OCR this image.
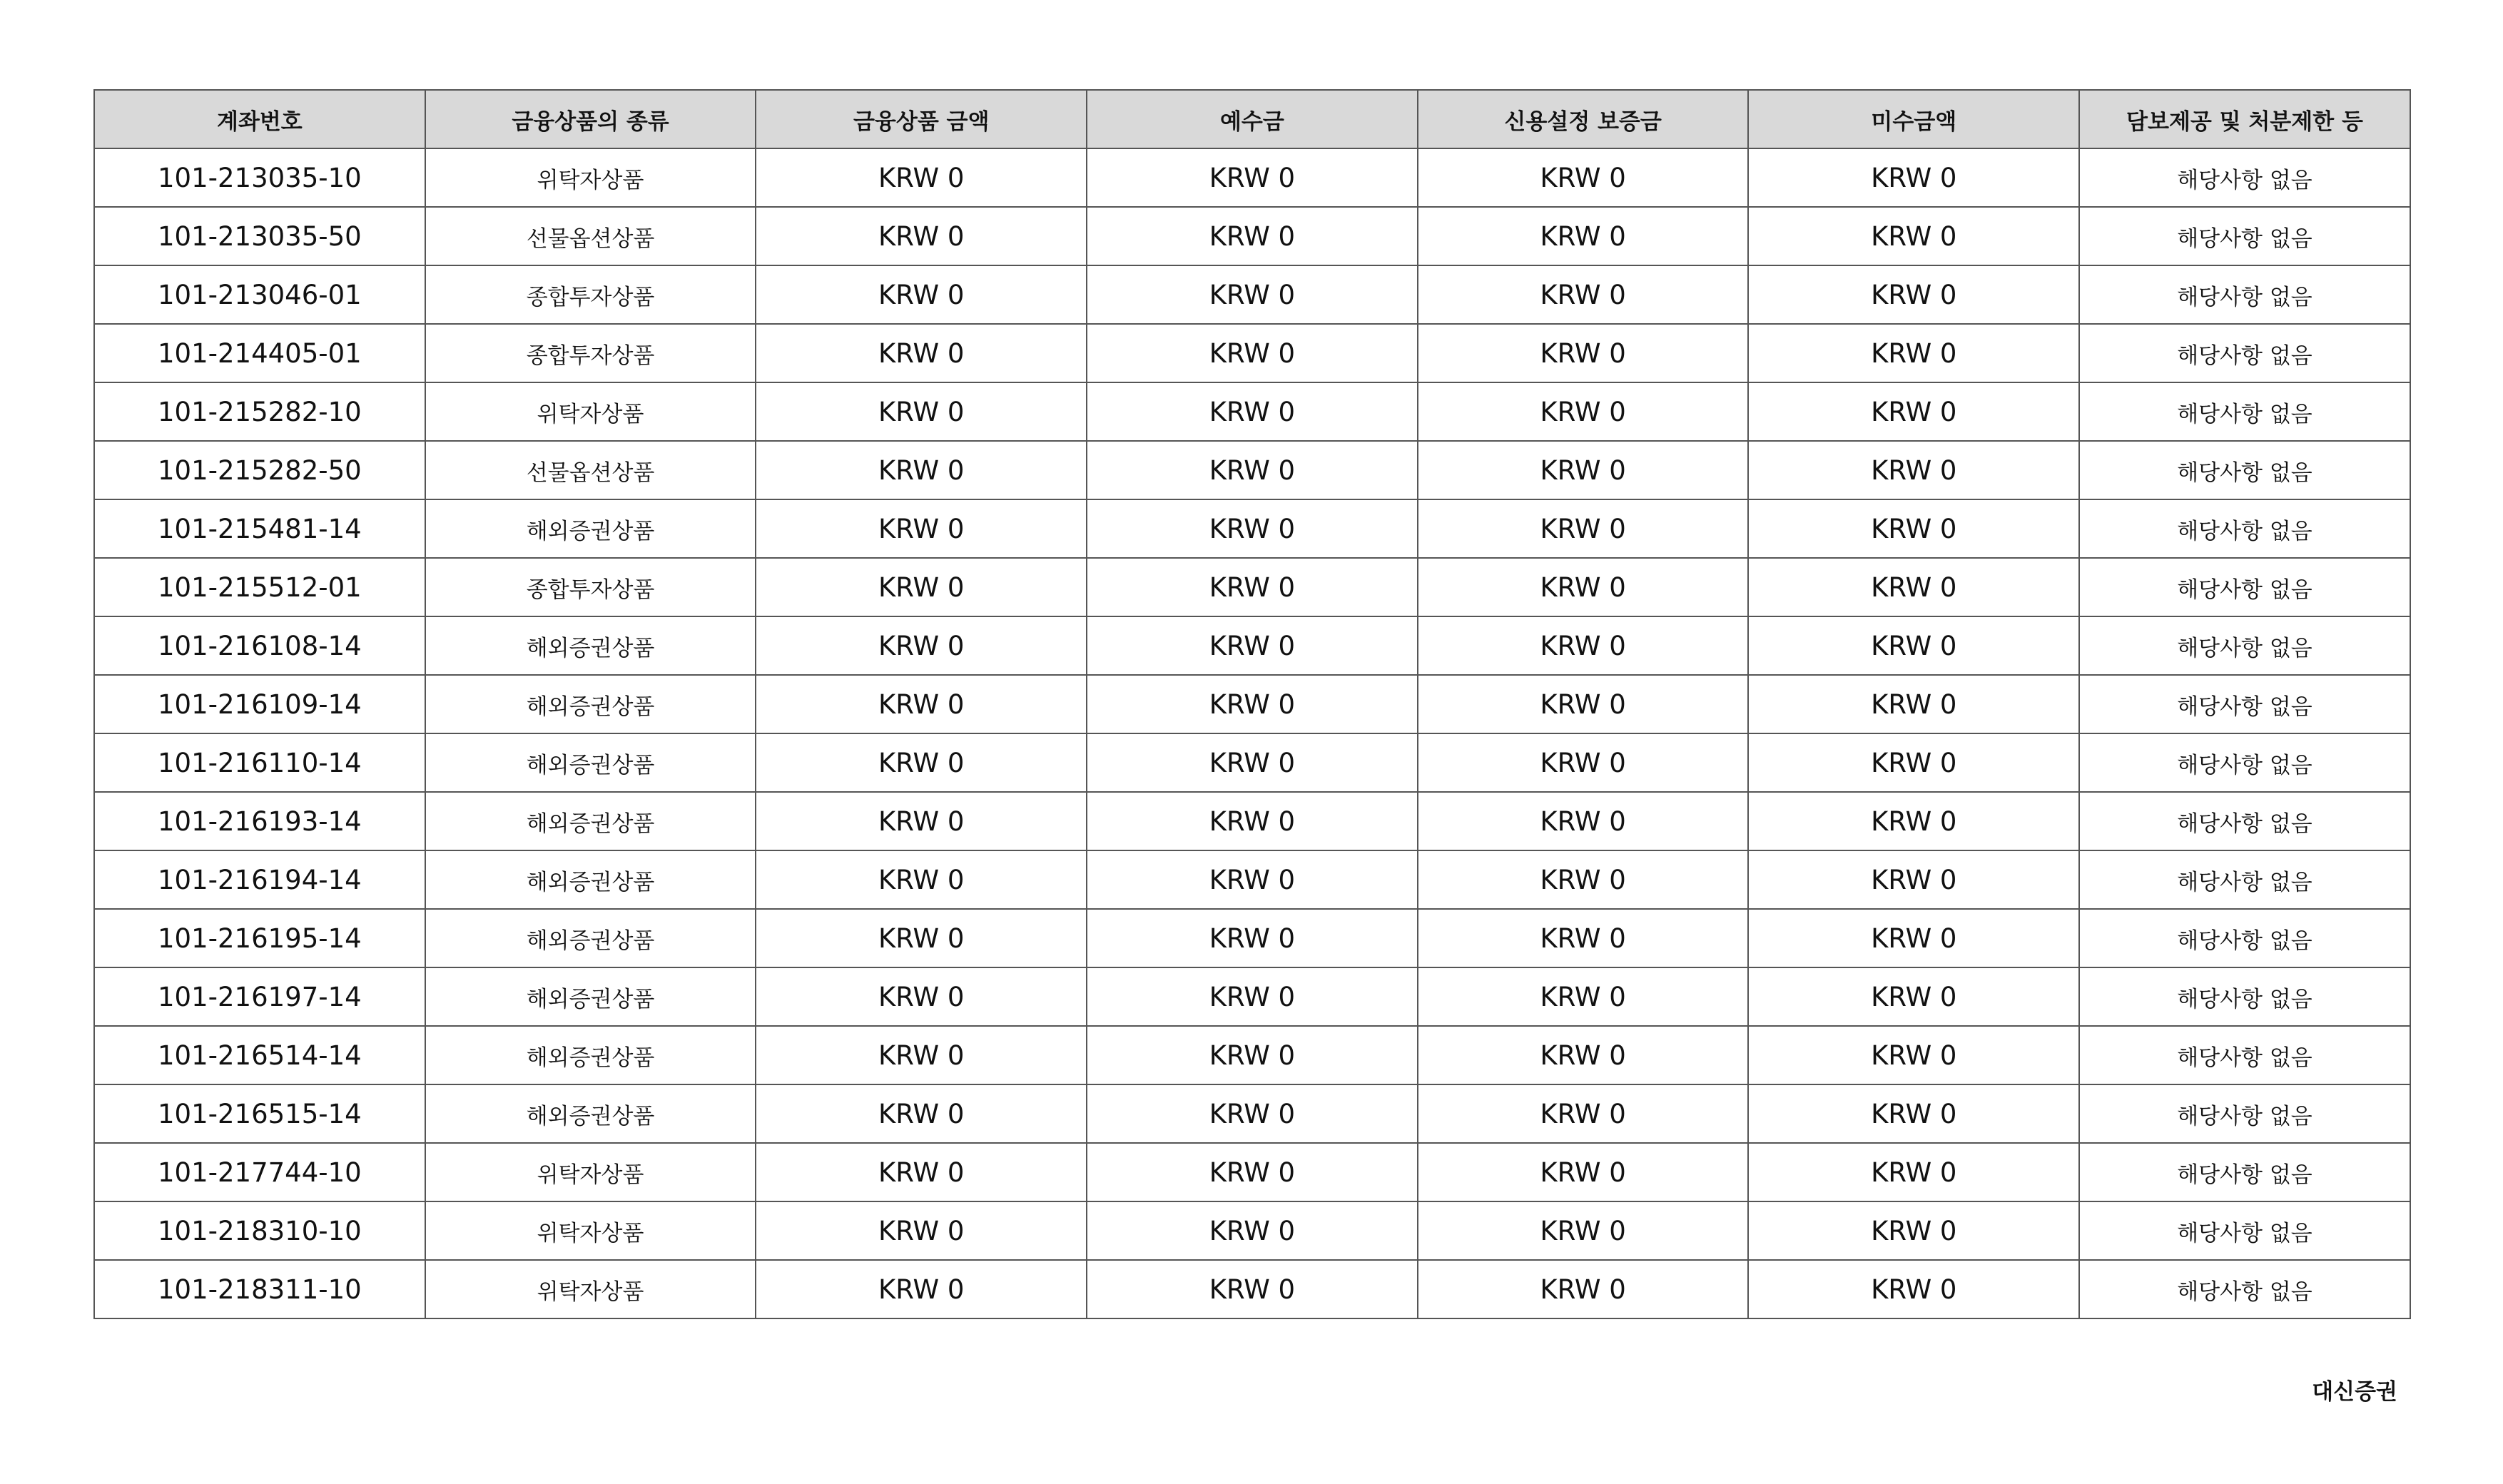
계좌번호	금융상품의 종류	금융상품 금액	예수금	신용설정 보증금	미수금액	담보제공 및 처분제한 등
101-213035-10	위탁자상품	KRW 0	KRW 0	KRW 0	KRW 0	해당사항 없음
101-213035-50	선물옵션상품	KRW 0	KRW 0	KRW 0	KRW 0	해당사항 없음
101-213046-01	종합투자상품	KRW 0	KRW 0	KRW 0	KRW 0	해당사항 없음
101-214405-01	종합투자상품	KRW 0	KRW 0	KRW 0	KRW 0	해당사항 없음
101-215282-10	위탁자상품	KRW 0	KRW 0	KRW 0	KRW 0	해당사항 없음
101-215282-50	선물옵션상품	KRW 0	KRW 0	KRW 0	KRW 0	해당사항 없음
101-215481-14	해외증권상품	KRW 0	KRW 0	KRW 0	KRW 0	해당사항 없음
101-215512-01	종합투자상품	KRW 0	KRW 0	KRW 0	KRW 0	해당사항 없음
101-216108-14	해외증권상품	KRW 0	KRW 0	KRW 0	KRW 0	해당사항 없음
101-216109-14	해외증권상품	KRW 0	KRW 0	KRW 0	KRW 0	해당사항 없음
101-216110-14	해외증권상품	KRW 0	KRW 0	KRW 0	KRW 0	해당사항 없음
101-216193-14	해외증권상품	KRW 0	KRW 0	KRW 0	KRW 0	해당사항 없음
101-216194-14	해외증권상품	KRW 0	KRW 0	KRW 0	KRW 0	해당사항 없음
101-216195-14	해외증권상품	KRW 0	KRW 0	KRW 0	KRW 0	해당사항 없음
101-216197-14	해외증권상품	KRW 0	KRW 0	KRW 0	KRW 0	해당사항 없음
101-216514-14	해외증권상품	KRW 0	KRW 0	KRW 0	KRW 0	해당사항 없음
101-216515-14	해외증권상품	KRW 0	KRW 0	KRW 0	KRW 0	해당사항 없음
101-217744-10	위탁자상품	KRW 0	KRW 0	KRW 0	KRW 0	해당사항 없음
101-218310-10	위탁자상품	KRW 0	KRW 0	KRW 0	KRW 0	해당사항 없음
101-218311-10	위탁자상품	KRW 0	KRW 0	KRW 0	KRW 0	해당사항 없음
대신증권
